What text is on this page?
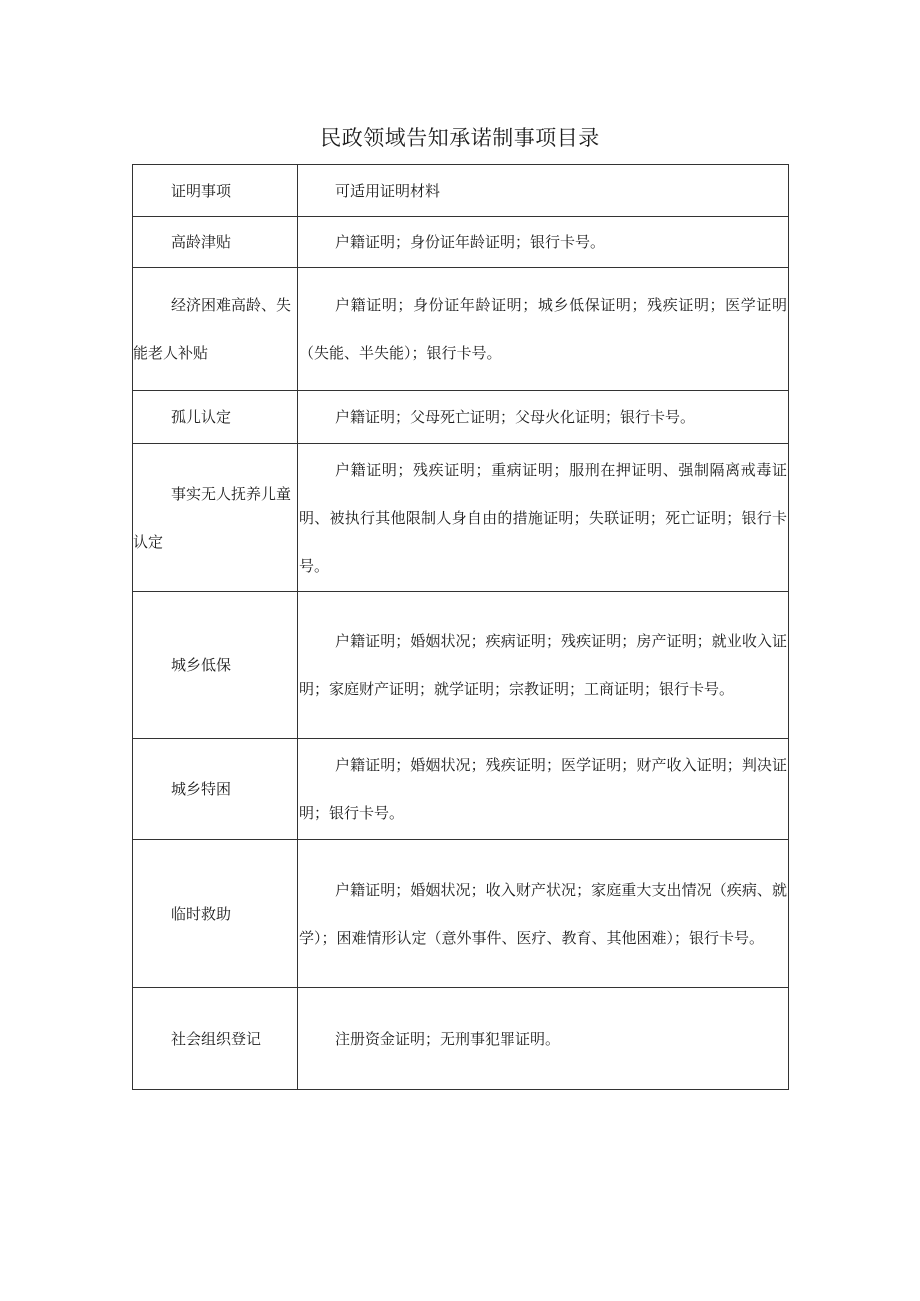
民政领域告知承诺制事项目录
证明事项	可适用证明材料

高龄津贴	户籍证明；身份证年龄证明；银行卡号。

经济困难高龄、失能老人补贴	户籍证明；身份证年龄证明；城乡低保证明；残疾证明；医学证明（失能、半失能）；银行卡号。

孤儿认定	户籍证明；父母死亡证明；父母火化证明；银行卡号。

事实无人抚养儿童认定	户籍证明；残疾证明；重病证明；服刑在押证明、强制隔离戒毒证明、被执行其他限制人身自由的措施证明；失联证明；死亡证明；银行卡号。

城乡低保	户籍证明；婚姻状况；疾病证明；残疾证明；房产证明；就业收入证明；家庭财产证明；就学证明；宗教证明；工商证明；银行卡号。

城乡特困	户籍证明；婚姻状况；残疾证明；医学证明；财产收入证明；判决证明；银行卡号。

临时救助	户籍证明；婚姻状况；收入财产状况；家庭重大支出情况（疾病、就学）；困难情形认定（意外事件、医疗、教育、其他困难）；银行卡号。

社会组织登记	注册资金证明；无刑事犯罪证明。
